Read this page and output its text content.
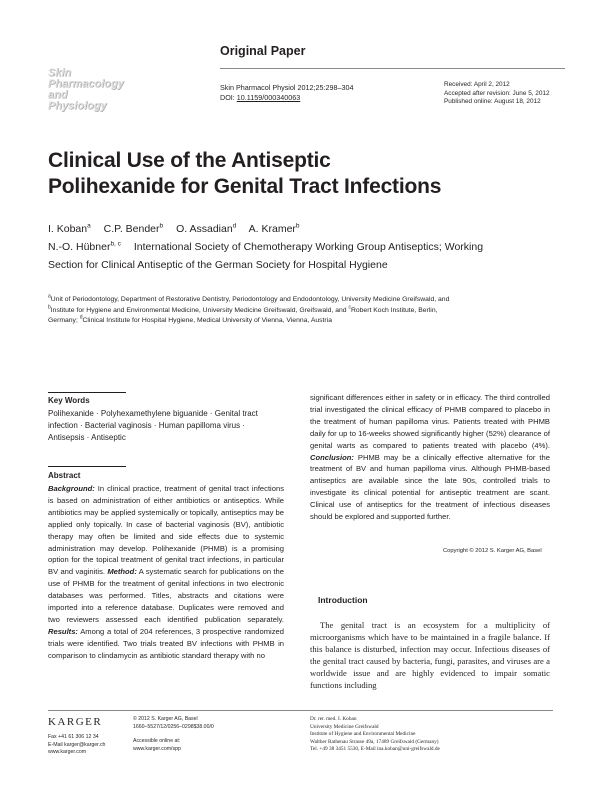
Original Paper
Skin
Pharmacology
and
Physiology
Skin Pharmacol Physiol 2012;25:298–304
DOI: 10.1159/000340063
Received: April 2, 2012
Accepted after revision: June 5, 2012
Published online: August 18, 2012
Clinical Use of the Antiseptic
Polihexanide for Genital Tract Infections
I. Koban$^a$ C.P. Bender$^b$ O. Assadian$^d$ A. Kramer$^b$
N.-O. Hübner$^{b, c}$ International Society of Chemotherapy Working Group Antiseptics; Working Section for Clinical Antiseptic of the German Society for Hospital Hygiene
$^a$Unit of Periodontology, Department of Restorative Dentistry, Periodontology and Endodontology, University Medicine Greifswald, and $^b$Institute for Hygiene and Environmental Medicine, University Medicine Greifswald, Greifswald, and $^c$Robert Koch Institute, Berlin, Germany; $^d$Clinical Institute for Hospital Hygiene, Medical University of Vienna, Vienna, Austria
Key Words
Polihexanide · Polyhexamethylene biguanide · Genital tract infection · Bacterial vaginosis · Human papilloma virus · Antisepsis · Antiseptic
Abstract
Background: In clinical practice, treatment of genital tract infections is based on administration of either antibiotics or antiseptics. While antibiotics may be applied systemically or topically, antiseptics may be applied only topically. In case of bacterial vaginosis (BV), antibiotic therapy may often be limited and side effects due to systemic administration may develop. Polihexanide (PHMB) is a promising option for the topical treatment of genital tract infections, in particular BV and vaginitis. Method: A systematic search for publications on the use of PHMB for the treatment of genital infections in two electronic databases was performed. Titles, abstracts and citations were imported into a reference database. Duplicates were removed and two reviewers assessed each identified publication separately. Results: Among a total of 204 references, 3 prospective randomized trials were identified. Two trials treated BV infections with PHMB in comparison to clindamycin as antibiotic standard therapy with no
significant differences either in safety or in efficacy. The third controlled trial investigated the clinical efficacy of PHMB compared to placebo in the treatment of human papilloma virus. Patients treated with PHMB daily for up to 16-weeks showed significantly higher (52%) clearance of genital warts as compared to patients treated with placebo (4%). Conclusion: PHMB may be a clinically effective alternative for the treatment of BV and human papilloma virus. Although PHMB-based antiseptics are available since the late 90s, controlled trials to investigate its clinical potential for antiseptic treatment are scant. Clinical use of antiseptics for the treatment of infectious diseases should be explored and supported further.
Copyright © 2012 S. Karger AG, Basel
Introduction
The genital tract is an ecosystem for a multiplicity of microorganisms which have to be maintained in a fragile balance. If this balance is disturbed, infection may occur. Infectious diseases of the genital tract caused by bacteria, fungi, parasites, and viruses are a worldwide issue and are highly evidenced to impair somatic functions including
KARGER
Fax +41 61 306 12 34
E-Mail karger@karger.ch
www.karger.com
© 2012 S. Karger AG, Basel
1660–5527/12/0256–0298$38.00/0
Accessible online at:
www.karger.com/spp
Dr. rer. med. I. Koban
University Medicine Greifswald
Institute of Hygiene and Environmental Medicine
Walther Rathenau Strasse 49a, 17489 Greifswald (Germany)
Tel. +49 38 3451 5530, E-Mail ina.koban@uni-greifswald.de
